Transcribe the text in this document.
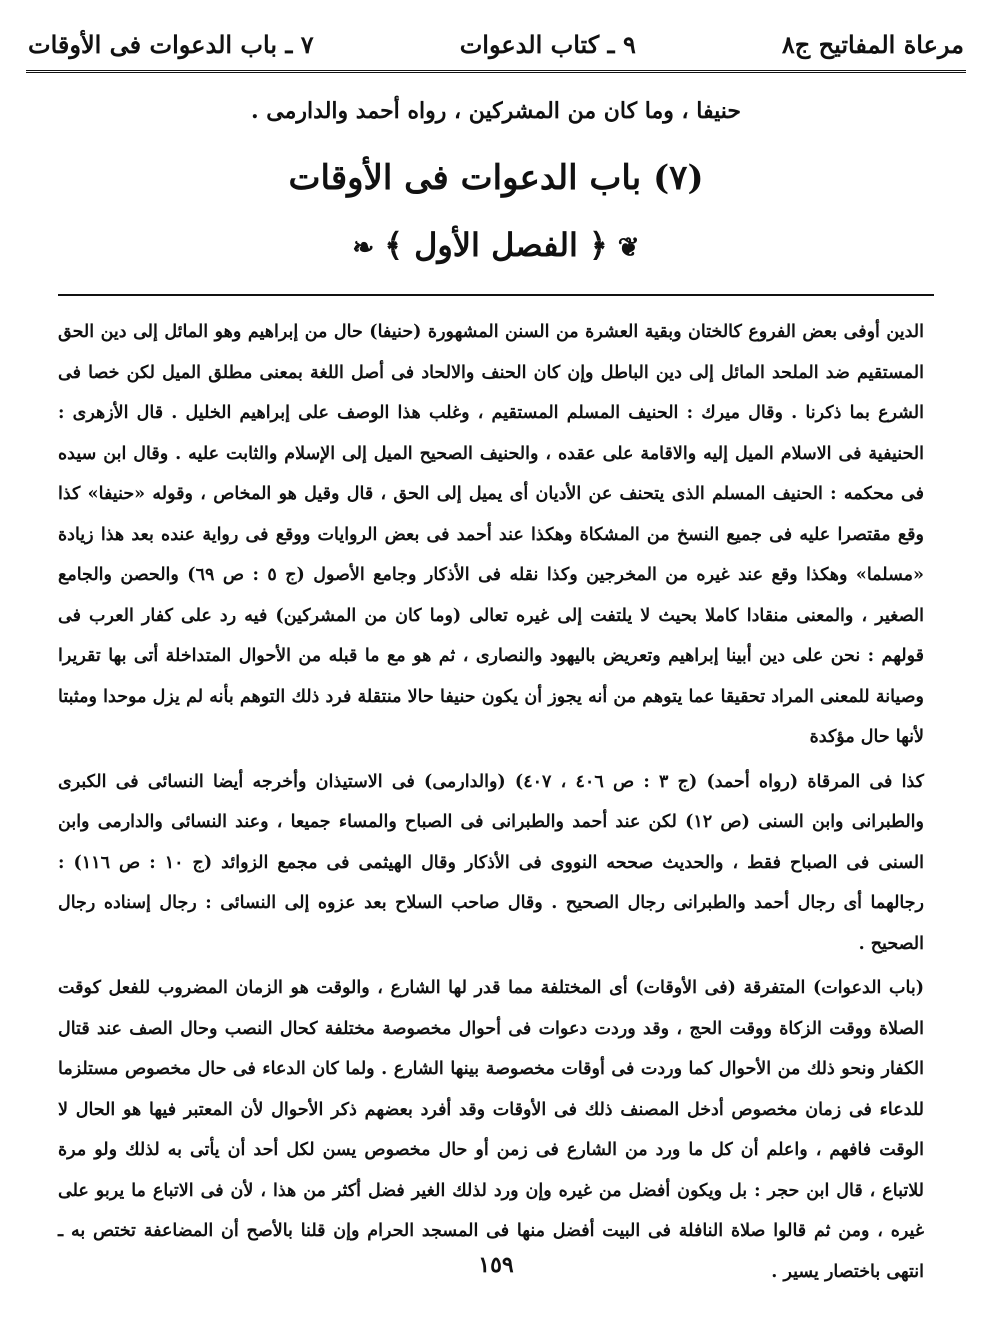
مرعاة المفاتيح ج٨
٩ ـ كتاب الدعوات
٧ ـ باب الدعوات فى الأوقات
حنيفا ، وما كان من المشركين ، رواه أحمد والدارمى .
(٧) باب الدعوات فى الأوقات
❦﴿ الفصل الأول ﴾❧

الدين أوفى بعض الفروع كالختان وبقية العشرة من السنن المشهورة (حنيفا) حال من إبراهيم وهو المائل إلى دين الحق المستقيم ضد الملحد المائل إلى دين الباطل وإن كان الحنف والالحاد فى أصل اللغة بمعنى مطلق الميل لكن خصا فى الشرع بما ذكرنا . وقال ميرك : الحنيف المسلم المستقيم ، وغلب هذا الوصف على إبراهيم الخليل . قال الأزهرى : الحنيفية فى الاسلام الميل إليه والاقامة على عقده ، والحنيف الصحيح الميل إلى الإسلام والثابت عليه . وقال ابن سيده فى محكمه : الحنيف المسلم الذى يتحنف عن الأديان أى يميل إلى الحق ، قال وقيل هو المخاص ، وقوله «حنيفا» كذا وقع مقتصرا عليه فى جميع النسخ من المشكاة وهكذا عند أحمد فى بعض الروايات ووقع فى رواية عنده بعد هذا زيادة «مسلما» وهكذا وقع عند غيره من المخرجين وكذا نقله فى الأذكار وجامع الأصول (ج ٥ : ص ٦٩) والحصن والجامع الصغير ، والمعنى منقادا كاملا بحيث لا يلتفت إلى غيره تعالى (وما كان من المشركين) فيه رد على كفار العرب فى قولهم : نحن على دين أبينا إبراهيم وتعريض باليهود والنصارى ، ثم هو مع ما قبله من الأحوال المتداخلة أتى بها تقريرا وصيانة للمعنى المراد تحقيقا عما يتوهم من أنه يجوز أن يكون حنيفا حالا منتقلة فرد ذلك التوهم بأنه لم يزل موحدا ومثبتا لأنها حال مؤكدة

كذا فى المرقاة (رواه أحمد) (ج ٣ : ص ٤٠٦ ، ٤٠٧) (والدارمى) فى الاستيذان وأخرجه أيضا النسائى فى الكبرى والطبرانى وابن السنى (ص ١٢) لكن عند أحمد والطبرانى فى الصباح والمساء جميعا ، وعند النسائى والدارمى وابن السنى فى الصباح فقط ، والحديث صححه النووى فى الأذكار وقال الهيثمى فى مجمع الزوائد (ج ١٠ : ص ١١٦) : رجالهما أى رجال أحمد والطبرانى رجال الصحيح . وقال صاحب السلاح بعد عزوه إلى النسائى : رجال إسناده رجال الصحيح .

(باب الدعوات) المتفرقة (فى الأوقات) أى المختلفة مما قدر لها الشارع ، والوقت هو الزمان المضروب للفعل كوقت الصلاة ووقت الزكاة ووقت الحج ، وقد وردت دعوات فى أحوال مخصوصة مختلفة كحال النصب وحال الصف عند قتال الكفار ونحو ذلك من الأحوال كما وردت فى أوقات مخصوصة بينها الشارع . ولما كان الدعاء فى حال مخصوص مستلزما للدعاء فى زمان مخصوص أدخل المصنف ذلك فى الأوقات وقد أفرد بعضهم ذكر الأحوال لأن المعتبر فيها هو الحال لا الوقت فافهم ، واعلم أن كل ما ورد من الشارع فى زمن أو حال مخصوص يسن لكل أحد أن يأتى به لذلك ولو مرة للاتباع ، قال ابن حجر : بل ويكون أفضل من غيره وإن ورد لذلك الغير فضل أكثر من هذا ، لأن فى الاتباع ما يربو على غيره ، ومن ثم قالوا صلاة النافلة فى البيت أفضل منها فى المسجد الحرام وإن قلنا بالأصح أن المضاعفة تختص به ـ انتهى باختصار يسير .

١٥٩
